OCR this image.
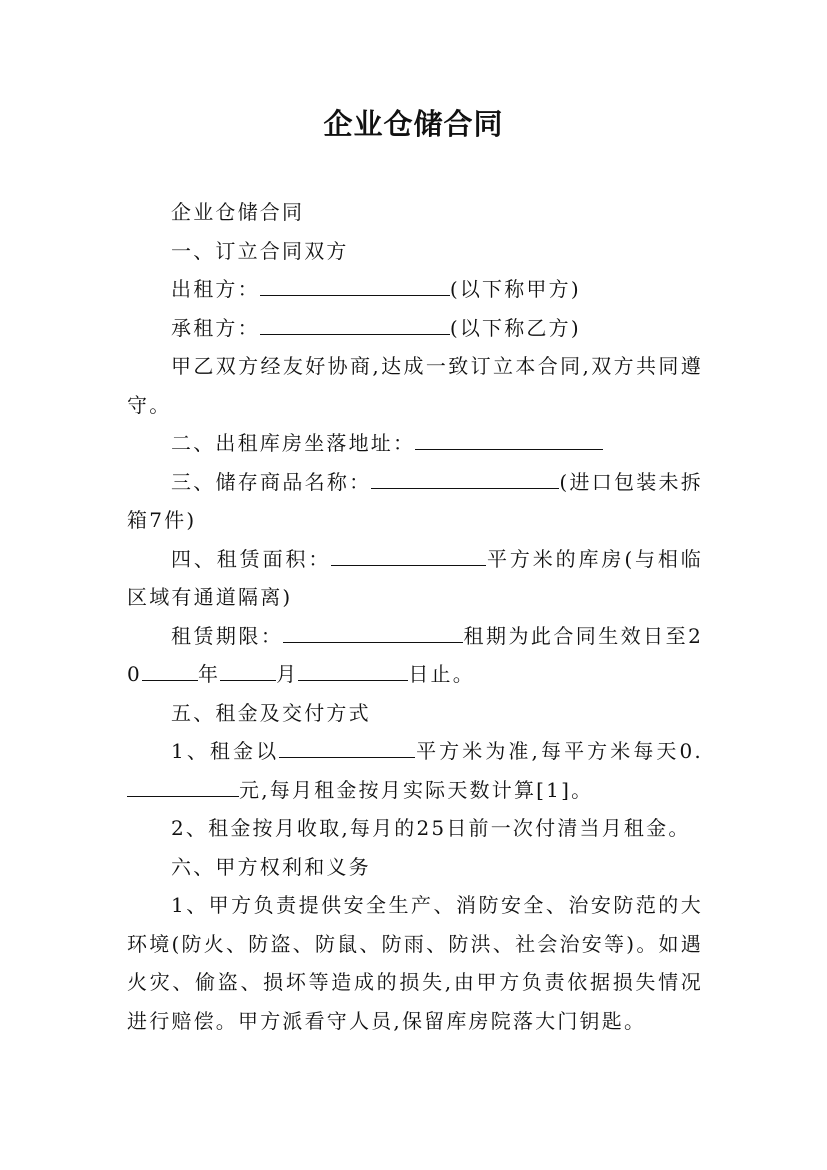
企业仓储合同

企业仓储合同

一、订立合同双方

出租方：	(以下称甲方)

承租方：	(以下称乙方)

甲乙双方经友好协商,达成一致订立本合同,双方共同遵守。

二、出租库房坐落地址：

三、储存商品名称：	(进口包装未拆箱7件)

四、租赁面积：	平方米的库房(与相临区域有通道隔离)

租赁期限：	租期为此合同生效日至20	年	月	日止。

五、租金及交付方式

1、租金以	平方米为准,每平方米每天0.元,每月租金按月实际天数计算[1]。

2、租金按月收取,每月的25日前一次付清当月租金。

六、甲方权利和义务

1、甲方负责提供安全生产、消防安全、治安防范的大环境(防火、防盗、防鼠、防雨、防洪、社会治安等)。如遇火灾、偷盗、损坏等造成的损失,由甲方负责依据损失情况进行赔偿。甲方派看守人员,保留库房院落大门钥匙。
